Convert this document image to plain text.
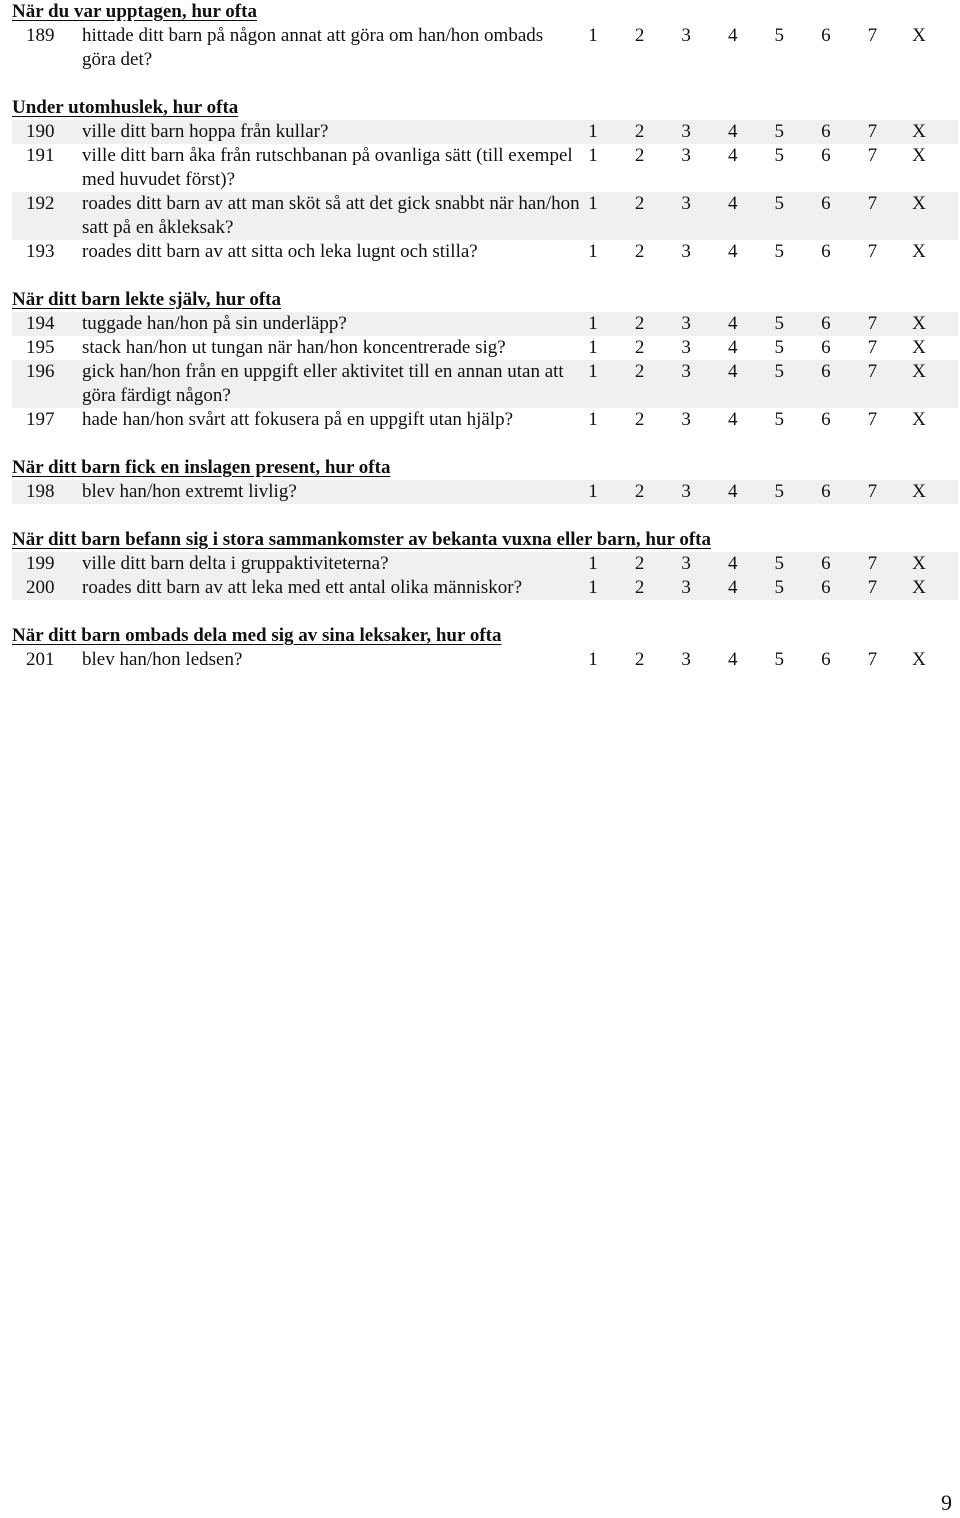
När du var upptagen, hur ofta
189	hittade ditt barn på någon annat att göra om han/hon ombads göra det?
1	2	3	4	5	6	7	X
Under utomhuslek, hur ofta
190	ville ditt barn hoppa från kullar?	1	2	3	4	5	6	7	X
191	ville ditt barn åka från rutschbanan på ovanliga sätt (till exempel med huvudet först)?
1	2	3	4	5	6	7	X
192	roades ditt barn av att man sköt så att det gick snabbt när han/hon satt på en åkleksak?
1	2	3	4	5	6	7	X
193	roades ditt barn av att sitta och leka lugnt och stilla?	1	2	3	4	5	6	7	X
När ditt barn lekte själv, hur ofta
194	tuggade han/hon på sin underläpp?	1	2	3	4	5	6	7	X
195	stack han/hon ut tungan när han/hon koncentrerade sig?	1	2	3	4	5	6	7	X
196	gick han/hon från en uppgift eller aktivitet till en annan utan att göra färdigt någon?
1	2	3	4	5	6	7	X
197	hade han/hon svårt att fokusera på en uppgift utan hjälp?	1	2	3	4	5	6	7	X
När ditt barn fick en inslagen present, hur ofta
198	blev han/hon extremt livlig?	1	2	3	4	5	6	7	X
När ditt barn befann sig i stora sammankomster av bekanta vuxna eller barn, hur ofta
199	ville ditt barn delta i gruppaktiviteterna?	1	2	3	4	5	6	7	X
200	roades ditt barn av att leka med ett antal olika människor?	1	2	3	4	5	6	7	X
När ditt barn ombads dela med sig av sina leksaker, hur ofta
201	blev han/hon ledsen?	1	2	3	4	5	6	7	X
9
